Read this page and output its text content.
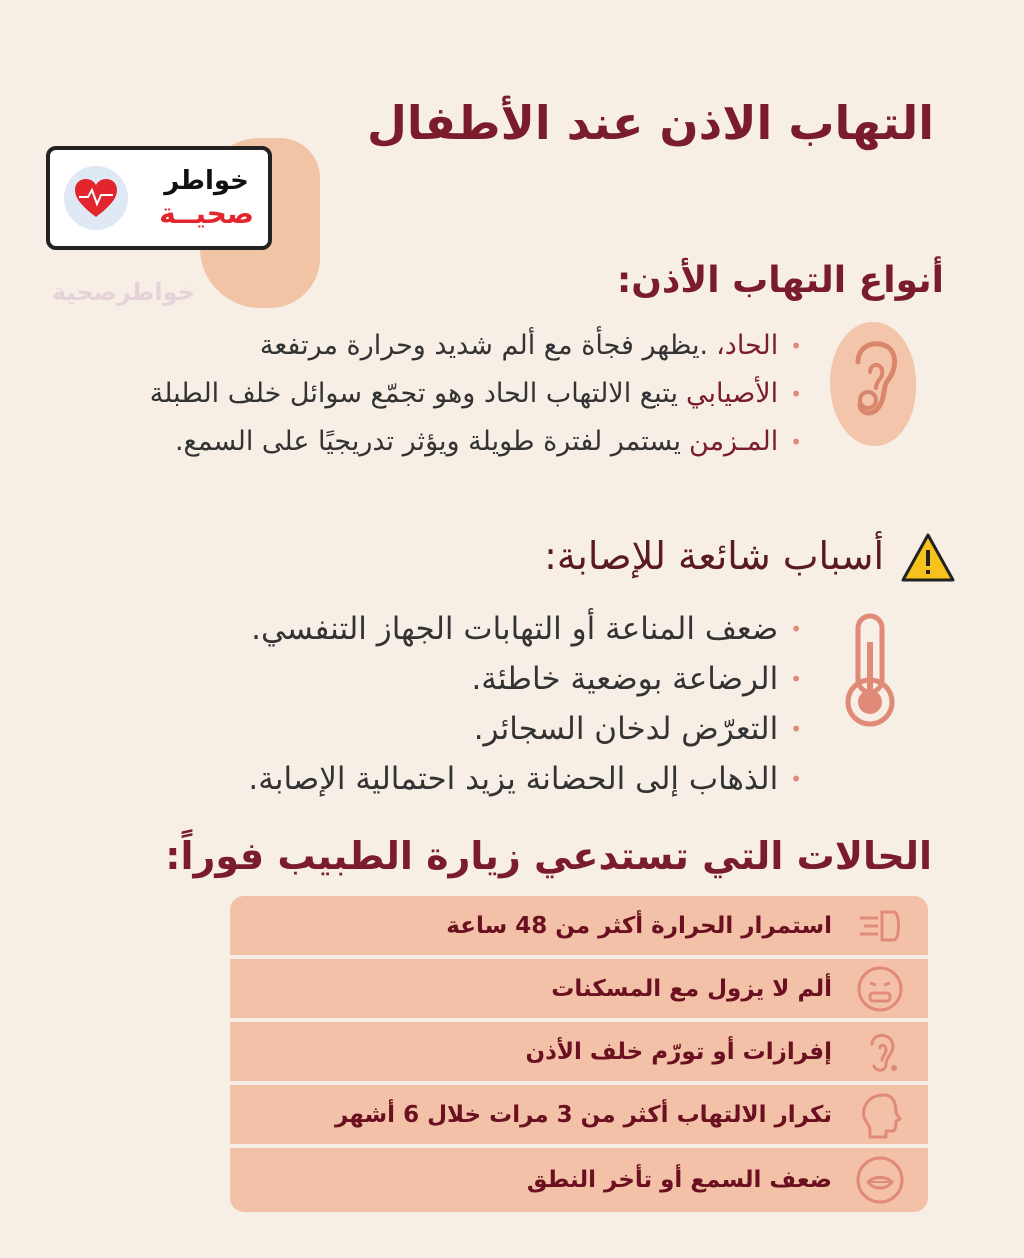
التهاب الاذن عند الأطفال
خواطر
صحيــة
خواطرصحية	أنواع التهاب الأذن:
•
الحاد،
.يظهر فجأة مع ألم شديد وحرارة مرتفعة
•
الأصيابي
يتبع الالتهاب الحاد وهو تجمّع سوائل خلف الطبلة
•
المـزمن
يستمر لفترة طويلة ويؤثر تدريجيًا على السمع.
أسباب شائعة للإصابة:
•
ضعف المناعة أو التهابات الجهاز التنفسي.
•
الرضاعة بوضعية خاطئة.
•
التعرّض لدخان السجائر.
•
الذهاب إلى الحضانة يزيد احتمالية الإصابة.
الحالات التي تستدعي زيارة الطبيب فوراً:
استمرار الحرارة أكثر من 48 ساعة
ألم لا يزول مع المسكنات
إفرازات أو تورّم خلف الأذن
تكرار الالتهاب أكثر من 3 مرات خلال 6 أشهر
ضعف السمع أو تأخر النطق
